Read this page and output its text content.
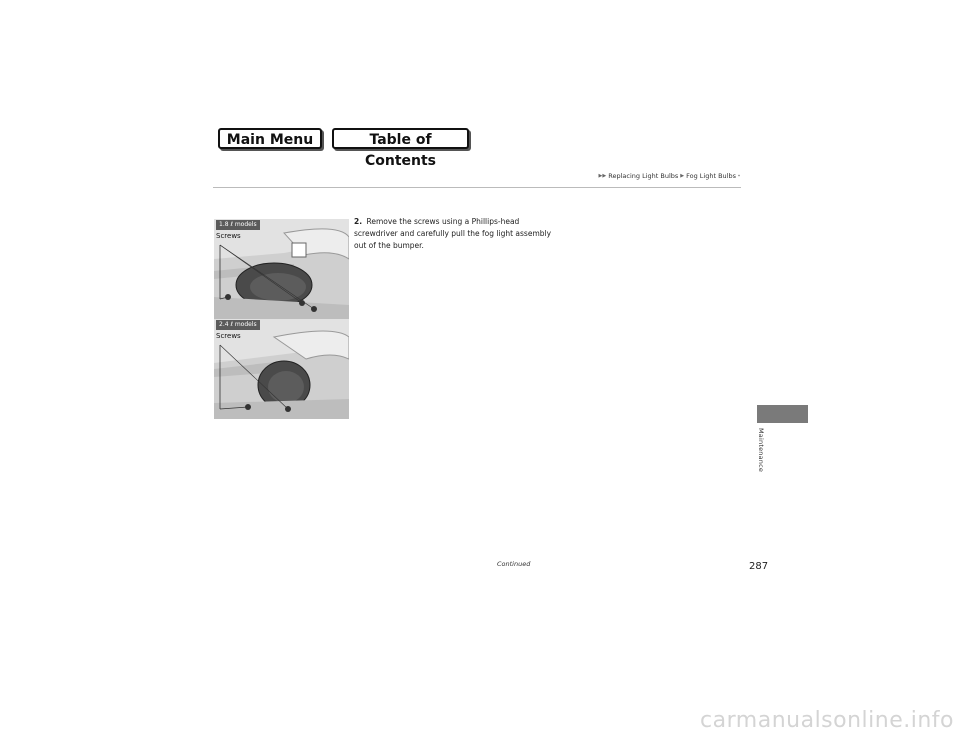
Main Menu	Table of Contents
▶▶ Replacing Light Bulbs ▶ Fog Light Bulbs *
1.8 ℓ models
Screws
2.4 ℓ models
Screws
2. Remove the screws using a Phillips-head screwdriver and carefully pull the fog light assembly out of the bumper.
Maintenance
Continued	287
carmanualsonline.info
